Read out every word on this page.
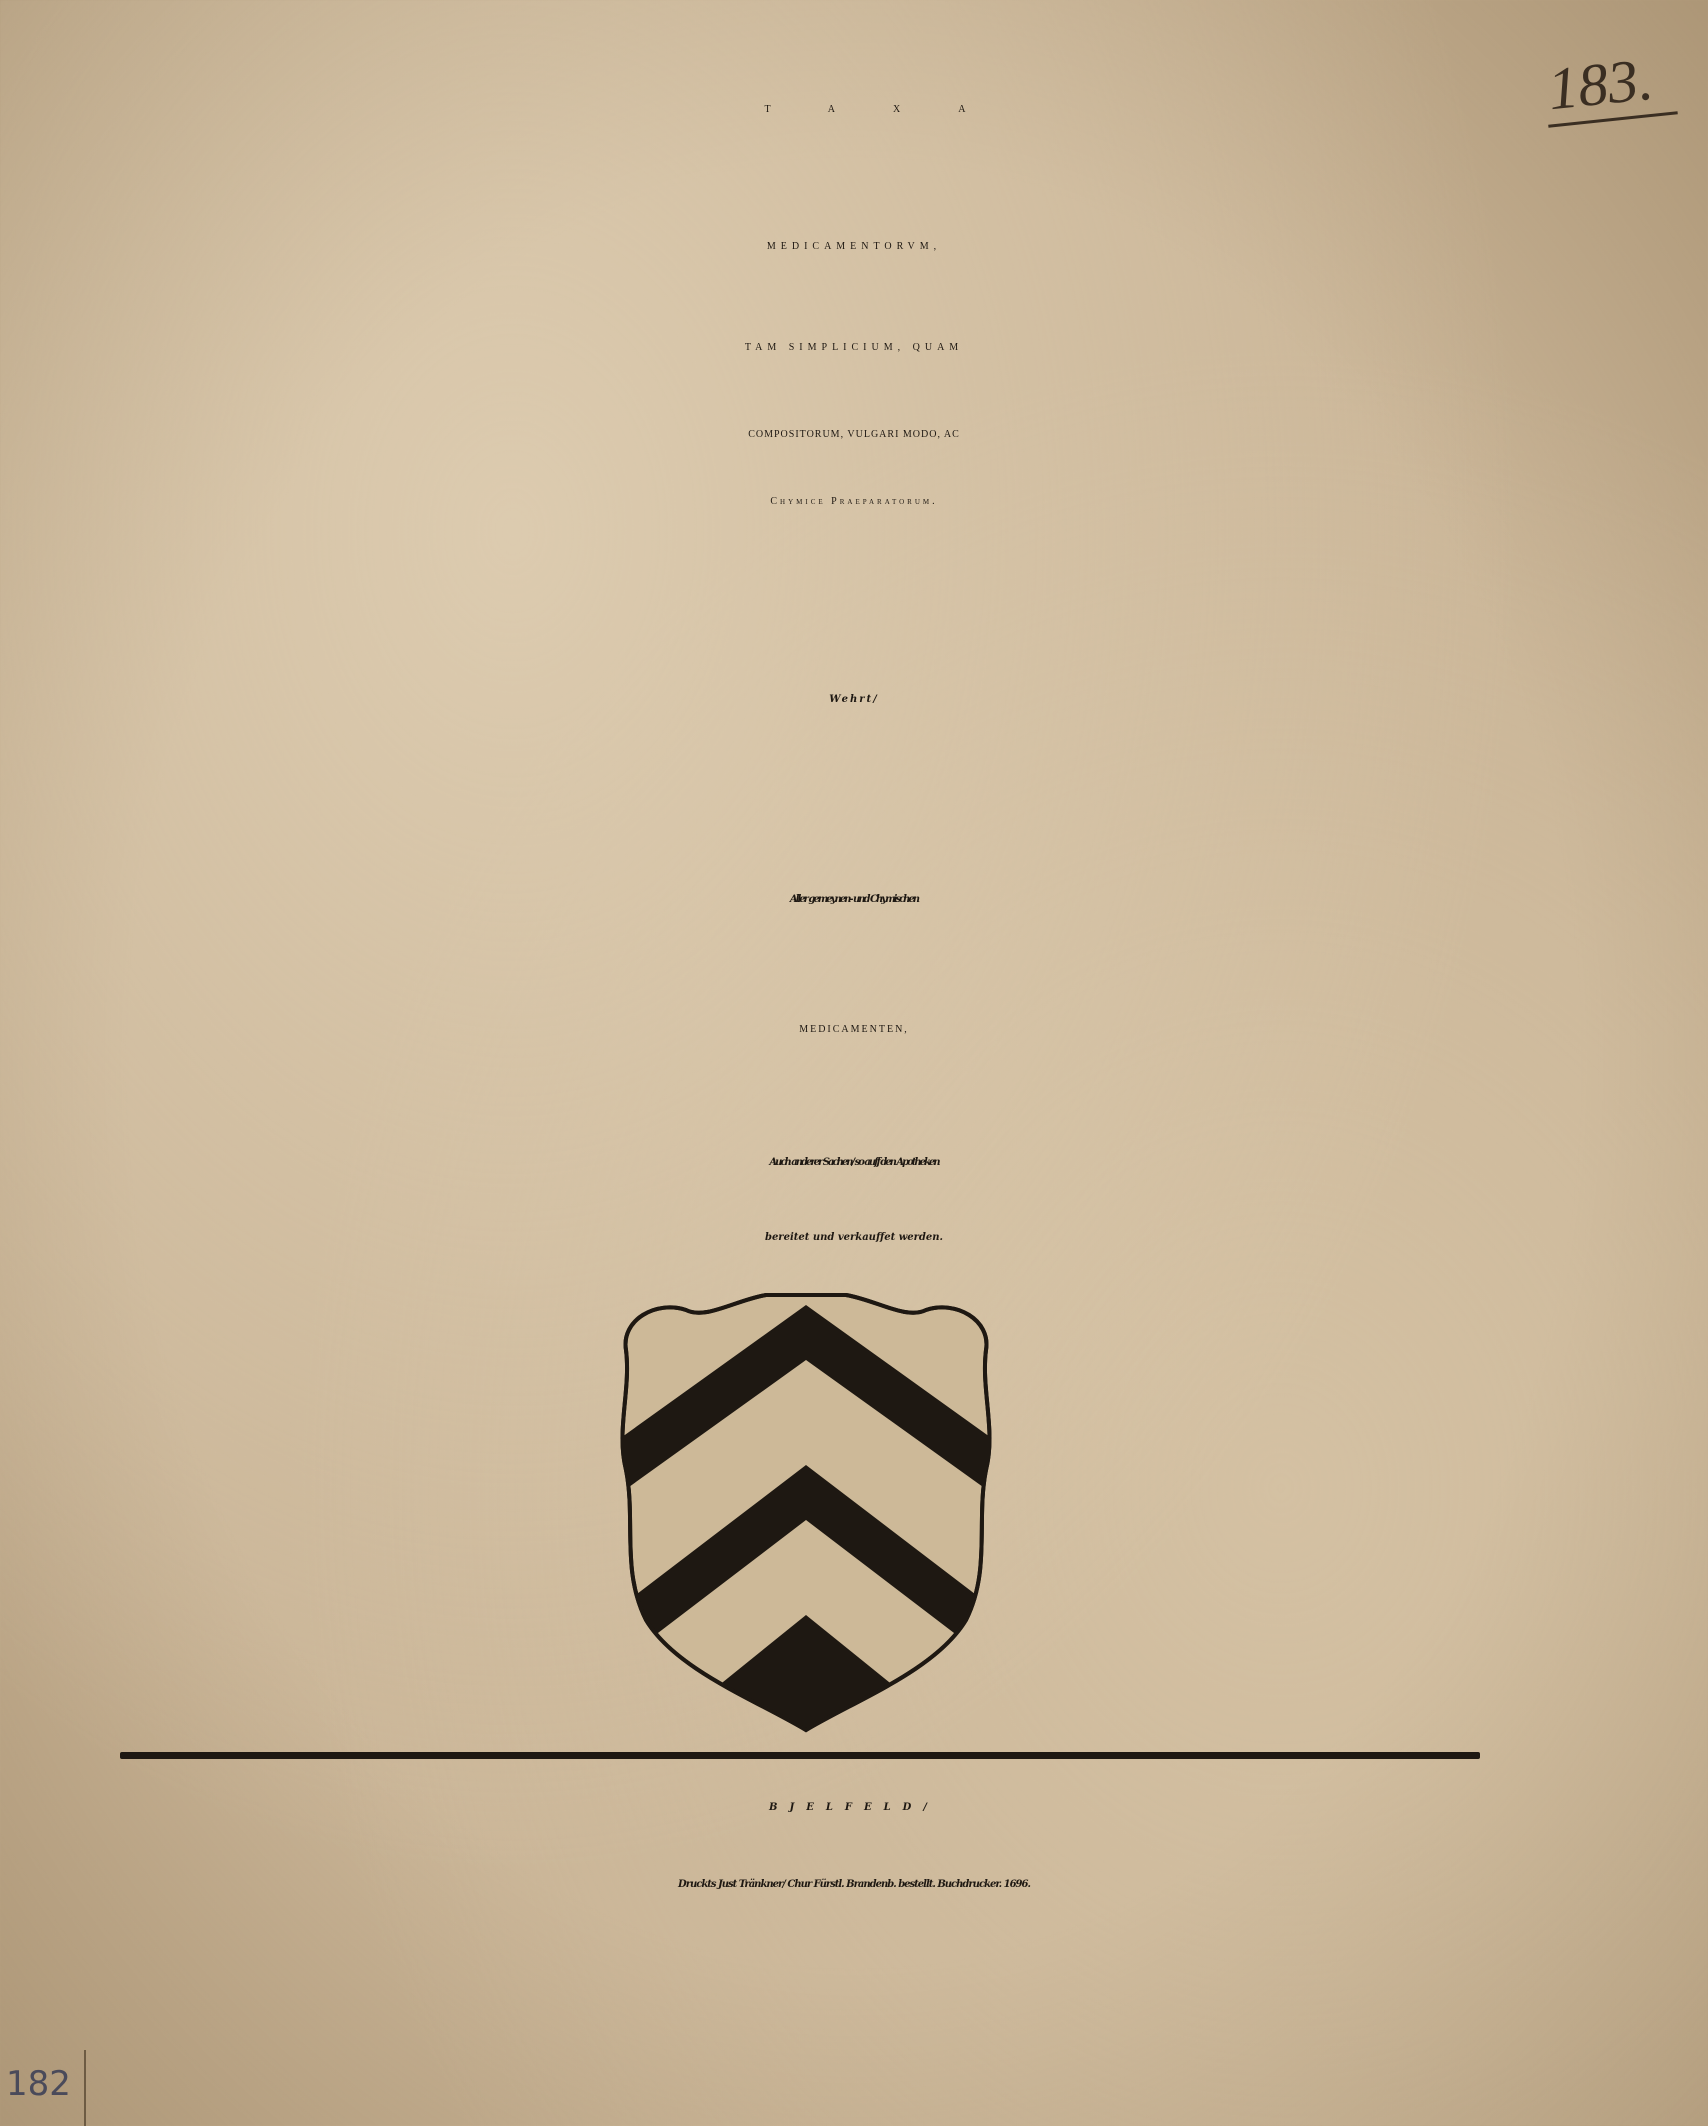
183.
TAXA
MEDICAMENTORVM,
TAM SIMPLICIUM, QUAM
COMPOSITORUM, VULGARI MODO, AC
Chymice Praeparatorum.
Wehrt/
Aller gemeynen- und Chymischen
MEDICAMENTEN,
Auch anderer Sachen/ so auff den Apotheken
bereitet und verkauffet werden.
BJELFELD/
Druckts Just Tränkner/ Chur Fürstl. Brandenb. bestellt. Buchdrucker. 1696.
182
